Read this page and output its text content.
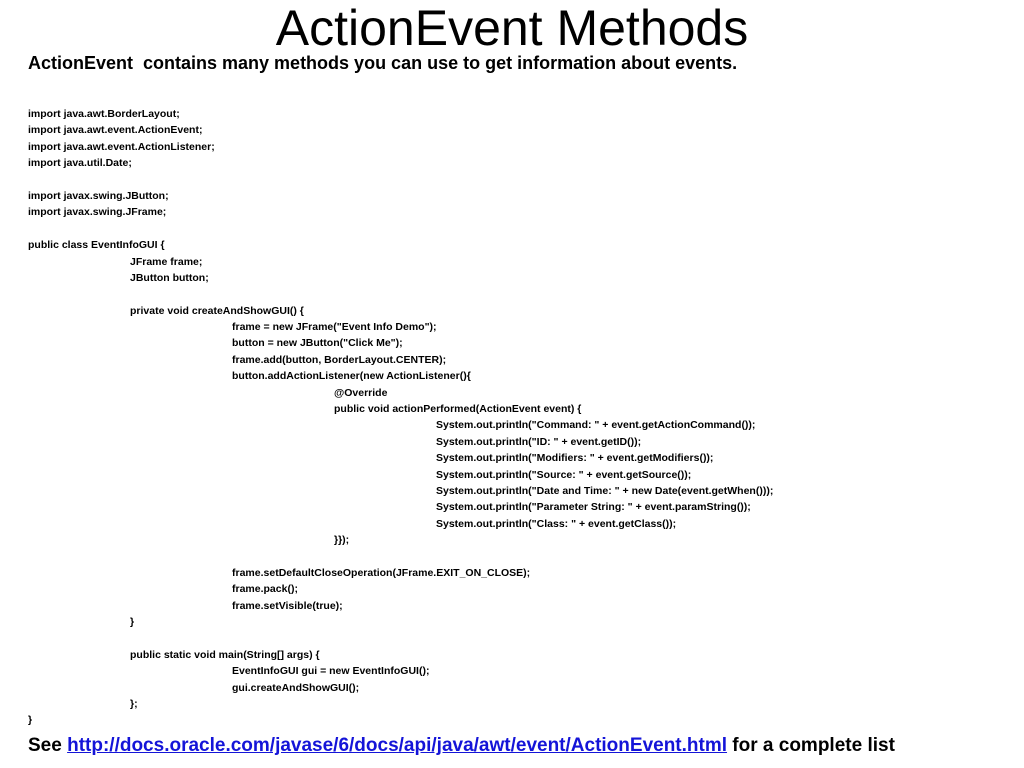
ActionEvent Methods

ActionEvent  contains many methods you can use to get information about events.

import java.awt.BorderLayout;
import java.awt.event.ActionEvent;
import java.awt.event.ActionListener;
import java.util.Date;
import javax.swing.JButton;
import javax.swing.JFrame;
public class EventInfoGUI {
JFrame frame;
JButton button;
private void createAndShowGUI() {
frame = new JFrame("Event Info Demo");
button = new JButton("Click Me");
frame.add(button, BorderLayout.CENTER);
button.addActionListener(new ActionListener(){
@Override
public void actionPerformed(ActionEvent event) {
System.out.println("Command: " + event.getActionCommand());
System.out.println("ID: " + event.getID());
System.out.println("Modifiers: " + event.getModifiers());
System.out.println("Source: " + event.getSource());
System.out.println("Date and Time: " + new Date(event.getWhen()));
System.out.println("Parameter String: " + event.paramString());
System.out.println("Class: " + event.getClass());
}});
frame.setDefaultCloseOperation(JFrame.EXIT_ON_CLOSE);
frame.pack();
frame.setVisible(true);
}
public static void main(String[] args) {
EventInfoGUI gui = new EventInfoGUI();
gui.createAndShowGUI();
};
}

See http://docs.oracle.com/javase/6/docs/api/java/awt/event/ActionEvent.html for a complete list
